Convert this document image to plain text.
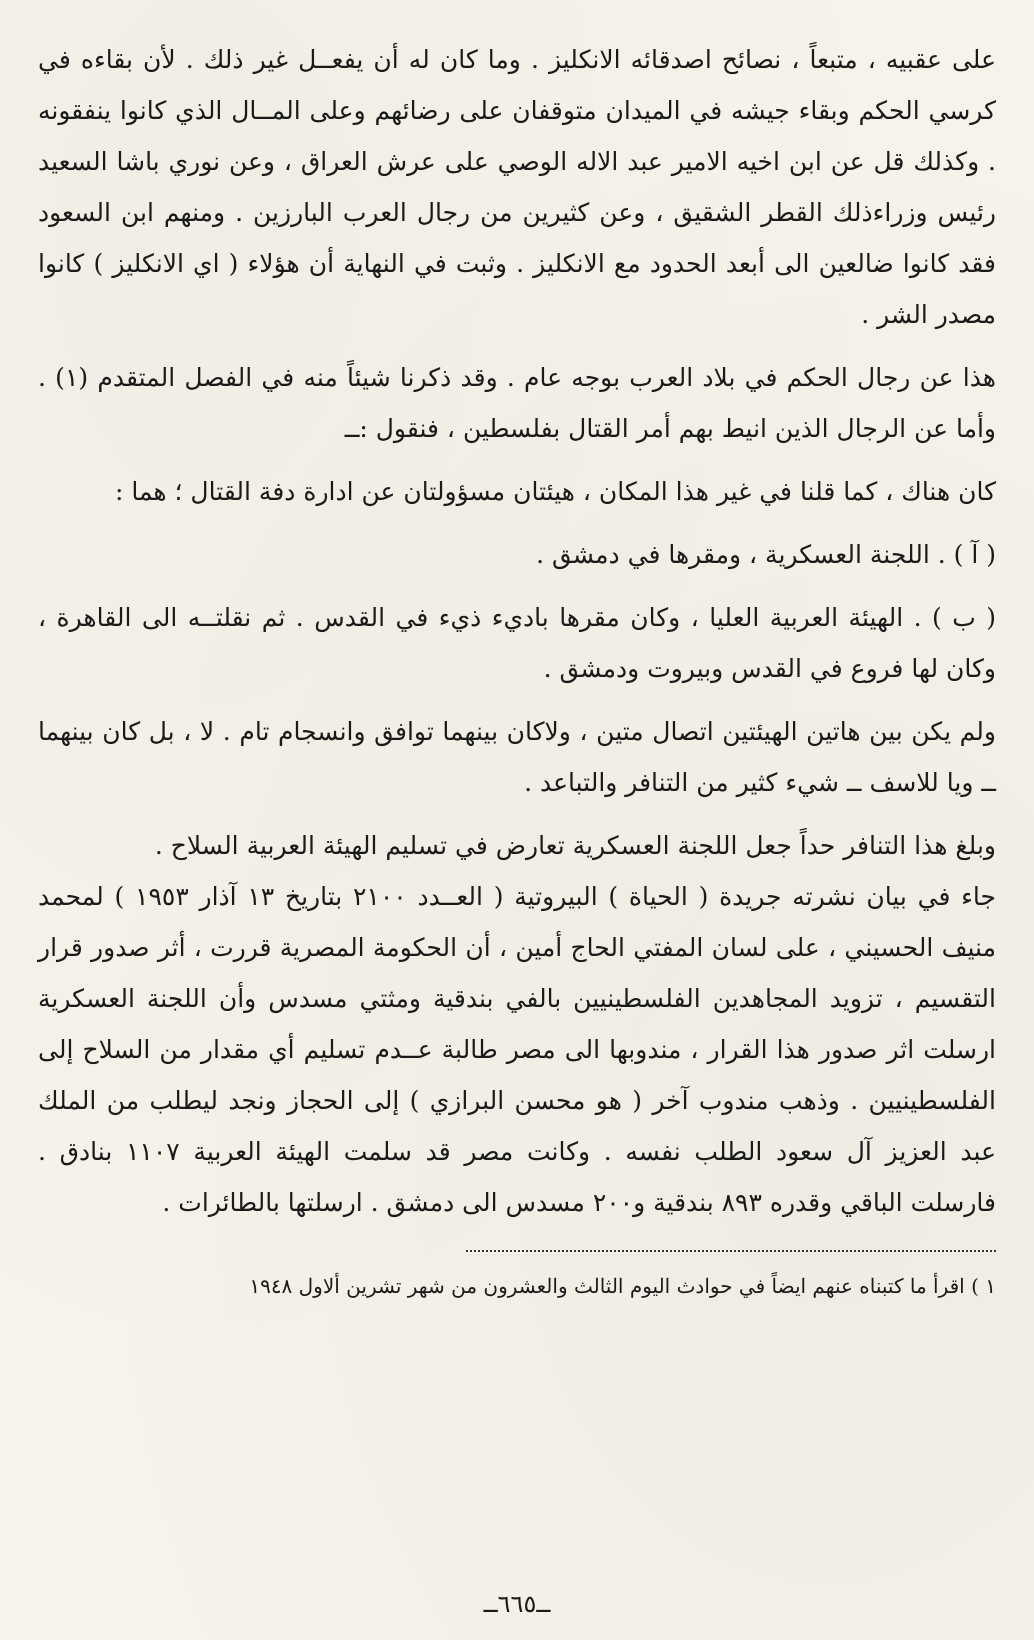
على عقبيه ، متبعاً ، نصائح اصدقائه الانكليز . وما كان له أن يفعــل غير ذلك . لأن بقاءه في كرسي الحكم وبقاء جيشه في الميدان متوقفان على رضائهم وعلى المــال الذي كانوا ينفقونه . وكذلك قل عن ابن اخيه الامير عبد الاله الوصي على عرش العراق ، وعن نوري باشا السعيد رئيس وزراءذلك القطر الشقيق ، وعن كثيرين من رجال العرب البارزين . ومنهم ابن السعود فقد كانوا ضالعين الى أبعد الحدود مع الانكليز . وثبت في النهاية أن هؤلاء ( اي الانكليز ) كانوا مصدر الشر .

هذا عن رجال الحكم في بلاد العرب بوجه عام . وقد ذكرنا شيئاً منه في الفصل المتقدم (١) . وأما عن الرجال الذين انيط بهم أمر القتال بفلسطين ، فنقول :ــ

كان هناك ، كما قلنا في غير هذا المكان ، هيئتان مسؤولتان عن ادارة دفة القتال ؛ هما :

( آ ) . اللجنة العسكرية ، ومقرها في دمشق .

( ب ) . الهيئة العربية العليا ، وكان مقرها باديء ذيء في القدس . ثم نقلتــه الى القاهرة ، وكان لها فروع في القدس وبيروت ودمشق .

ولم يكن بين هاتين الهيئتين اتصال متين ، ولاكان بينهما توافق وانسجام تام . لا ، بل كان بينهما ــ ويا للاسف ــ شيء كثير من التنافر والتباعد .

وبلغ هذا التنافر حداً جعل اللجنة العسكرية تعارض في تسليم الهيئة العربية السلاح .

جاء في بيان نشرته جريدة ( الحياة ) البيروتية ( العــدد ٢١٠٠ بتاريخ ١٣ آذار ١٩٥٣ ) لمحمد منيف الحسيني ، على لسان المفتي الحاج أمين ، أن الحكومة المصرية قررت ، أثر صدور قرار التقسيم ، تزويد المجاهدين الفلسطينيين بالفي بندقية ومثتي مسدس وأن اللجنة العسكرية ارسلت اثر صدور هذا القرار ، مندوبها الى مصر طالبة عــدم تسليم أي مقدار من السلاح إلى الفلسطينيين . وذهب مندوب آخر ( هو محسن البرازي ) إلى الحجاز ونجد ليطلب من الملك عبد العزيز آل سعود الطلب نفسه . وكانت مصر قد سلمت الهيئة العربية ١١٠٧ بنادق . فارسلت الباقي وقدره ٨٩٣ بندقية و٢٠٠ مسدس الى دمشق . ارسلتها بالطائرات .

١ ) اقرأ ما كتبناه عنهم ايضاً في حوادث اليوم الثالث والعشرون من شهر تشرين ألاول ١٩٤٨
ــ٦٦٥ــ
